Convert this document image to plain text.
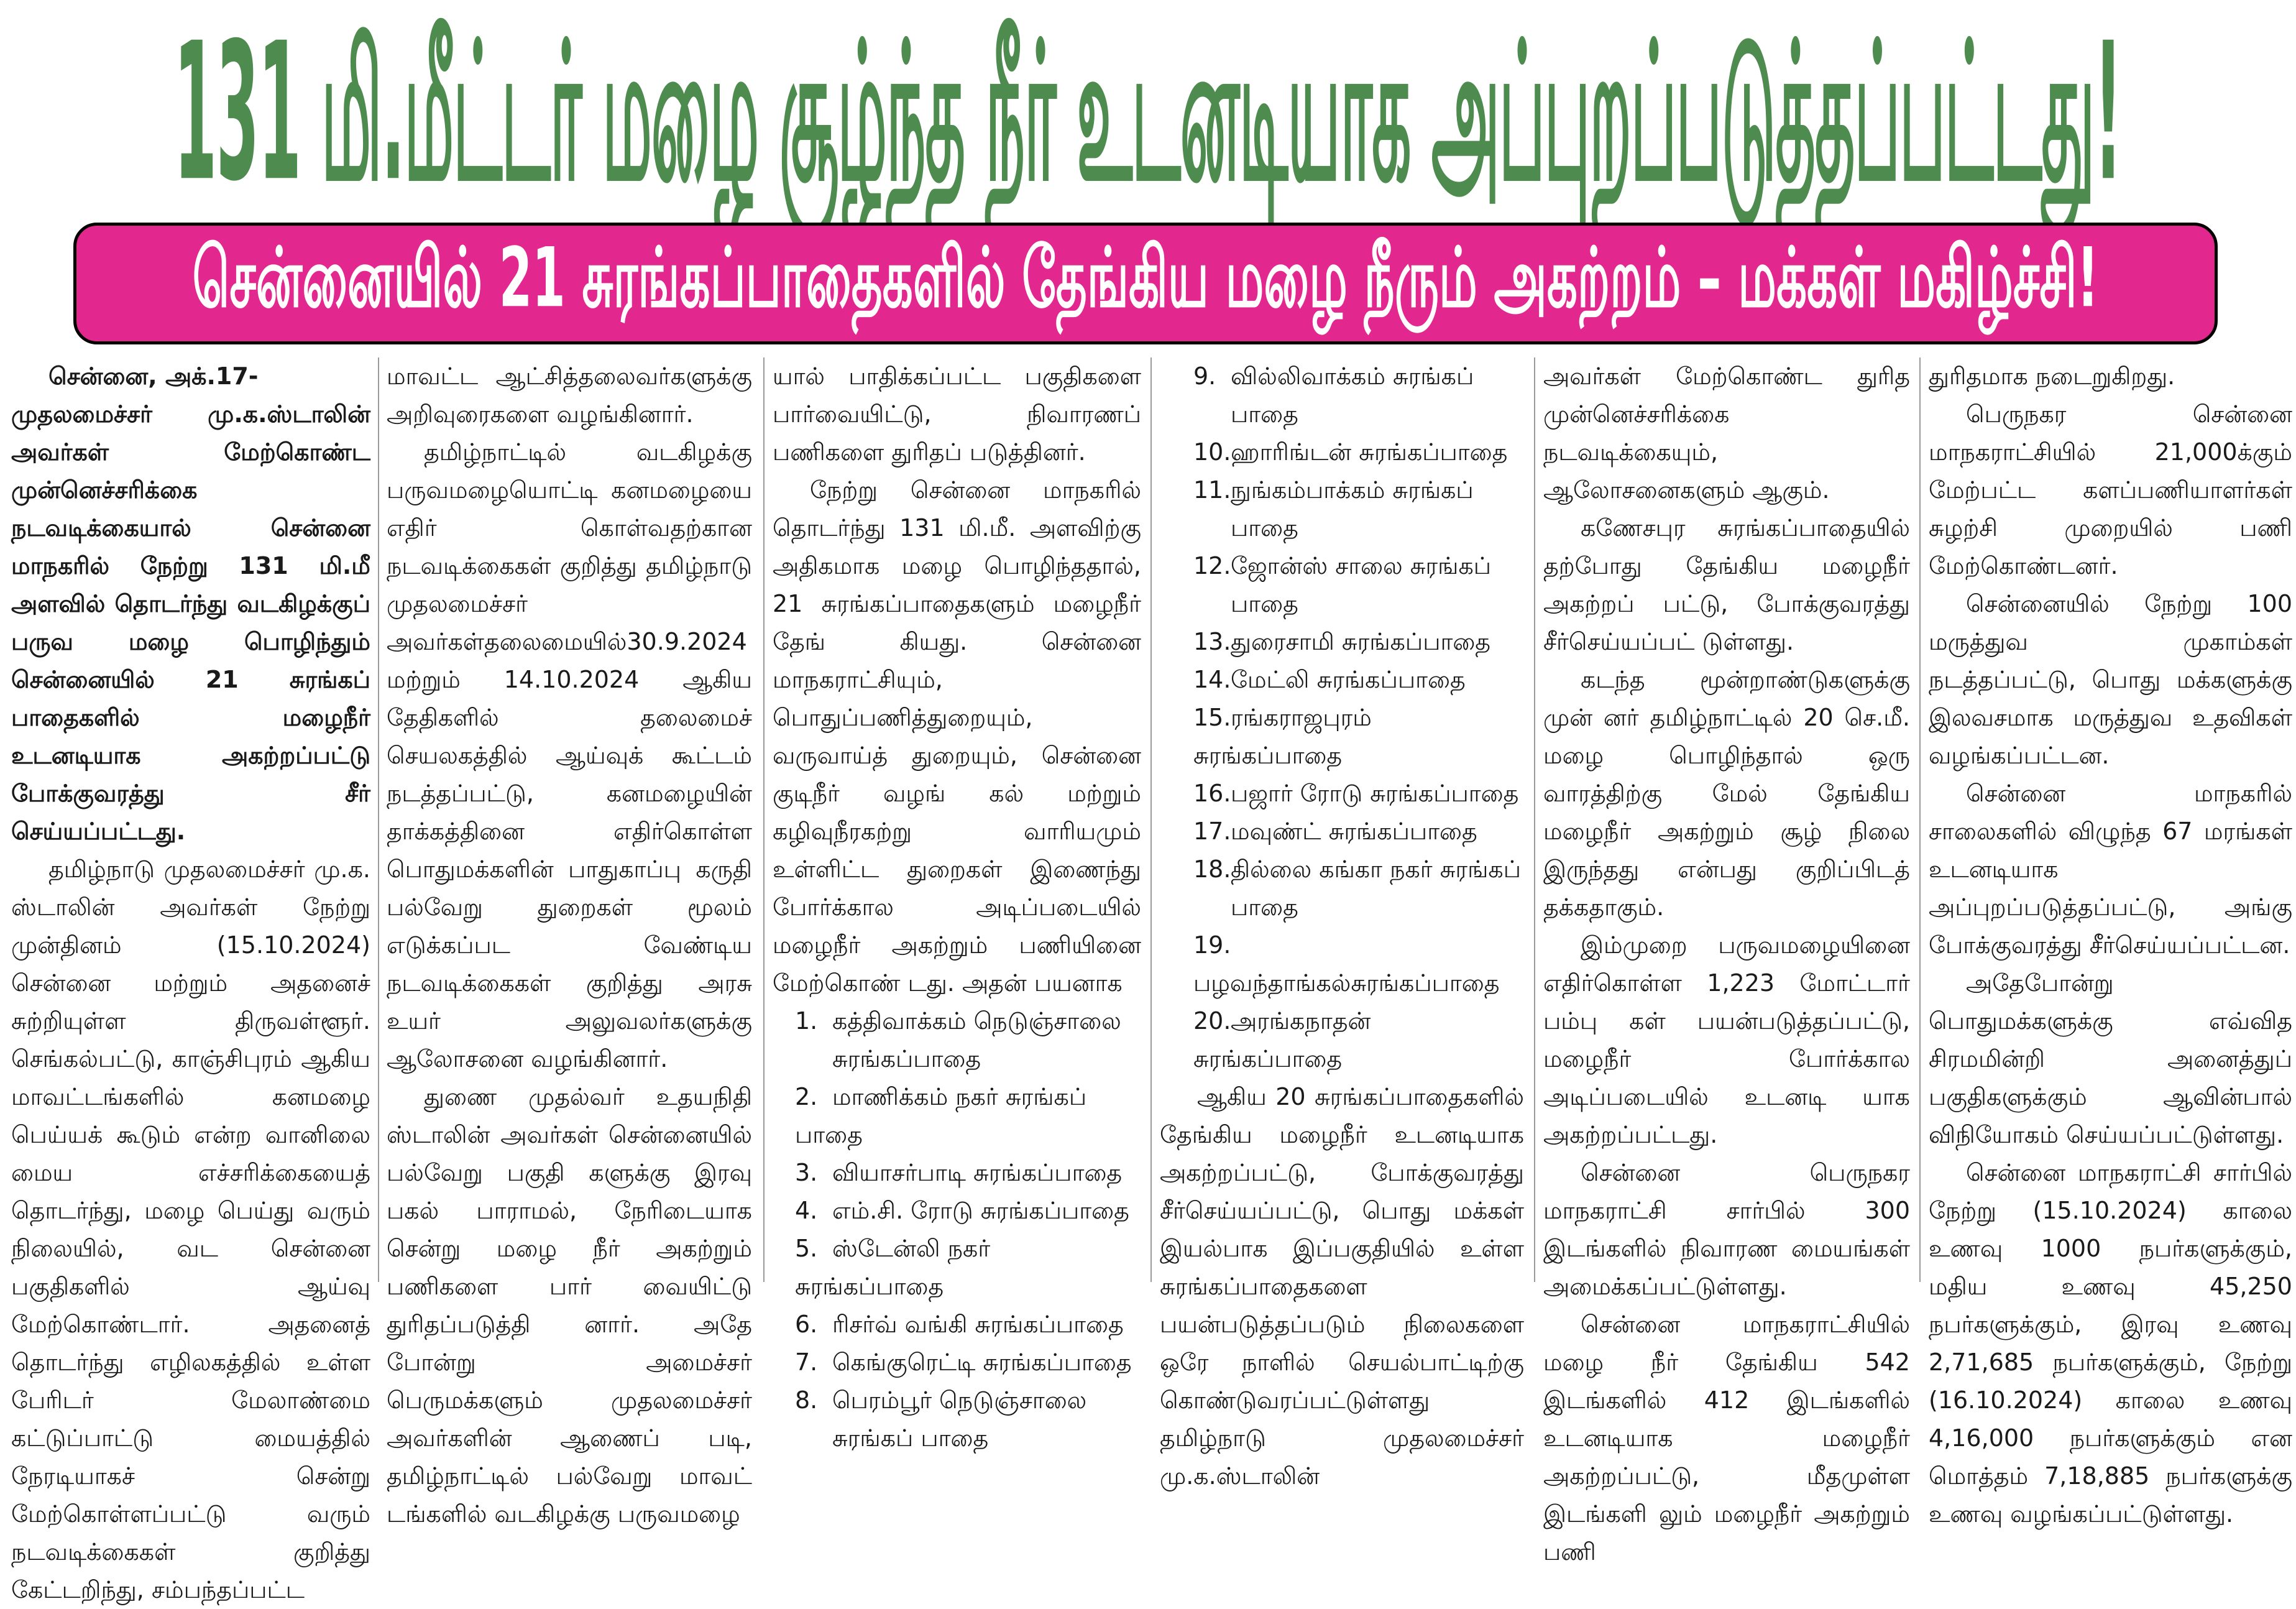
131 மி.மீட்டர் மழை சூழ்ந்த நீர் உடனடியாக அப்புறப்படுத்தப்பட்டது!
சென்னையில் 21 சுரங்கப்பாதைகளில் தேங்கிய மழை நீரும் அகற்றம் – மக்கள் மகிழ்ச்சி!

சென்னை, அக்.17-

முதலமைச்சர் மு.க.ஸ்டாலின் அவர்கள் மேற்கொண்ட முன்னெச்சரிக்கை நடவடிக்கையால் சென்னை மாநகரில் நேற்று 131 மி.மீ அளவில் தொடர்ந்து வடகிழக்குப் பருவ மழை பொழிந்தும் சென்னையில் 21 சுரங்கப் பாதைகளில் மழைநீர் உடனடியாக அகற்றப்பட்டு போக்குவரத்து சீர் செய்யப்பட்டது.

தமிழ்நாடு முதலமைச்சர் மு.க. ஸ்டாலின் அவர்கள் நேற்று முன்தினம் (15.10.2024) சென்னை மற்றும் அதனைச் சுற்றியுள்ள திருவள்ளூர். செங்கல்பட்டு, காஞ்சிபுரம் ஆகிய மாவட்டங்களில் கனமழை பெய்யக் கூடும் என்ற வானிலை மைய எச்சரிக்கையைத் தொடர்ந்து, மழை பெய்து வரும் நிலையில், வட சென்னை பகுதிகளில் ஆய்வு மேற்கொண்டார். அதனைத் தொடர்ந்து எழிலகத்தில் உள்ள பேரிடர் மேலாண்மை கட்டுப்பாட்டு மையத்தில் நேரடியாகச் சென்று மேற்கொள்ளப்பட்டு வரும் நடவடிக்கைகள் குறித்து கேட்டறிந்து, சம்பந்தப்பட்ட

மாவட்ட ஆட்சித்தலைவர்களுக்கு அறிவுரைகளை வழங்கினார்.

தமிழ்நாட்டில் வடகிழக்கு பருவமழையொட்டி கனமழையை எதிர் கொள்வதற்கான நடவடிக்கைகள் குறித்து தமிழ்நாடு முதலமைச்சர் அவர்கள்தலைமையில்30.9.2024 மற்றும் 14.10.2024 ஆகிய தேதிகளில் தலைமைச் செயலகத்தில் ஆய்வுக் கூட்டம் நடத்தப்பட்டு, கனமழையின் தாக்கத்தினை எதிர்கொள்ள பொதுமக்களின் பாதுகாப்பு கருதி பல்வேறு துறைகள் மூலம் எடுக்கப்பட வேண்டிய நடவடிக்கைகள் குறித்து அரசு உயர் அலுவலர்களுக்கு ஆலோசனை வழங்கினார்.

துணை முதல்வர் உதயநிதி ஸ்டாலின் அவர்கள் சென்னையில் பல்வேறு பகுதி களுக்கு இரவு பகல் பாராமல், நேரிடையாக சென்று மழை நீர் அகற்றும் பணிகளை பார் வையிட்டு துரிதப்படுத்தி னார். அதே போன்று அமைச்சர் பெருமக்களும் முதலமைச்சர் அவர்களின் ஆணைப் படி, தமிழ்நாட்டில் பல்வேறு மாவட் டங்களில் வடகிழக்கு பருவமழை

யால் பாதிக்கப்பட்ட பகுதிகளை பார்வையிட்டு, நிவாரணப் பணிகளை துரிதப் படுத்தினர்.

நேற்று சென்னை மாநகரில் தொடர்ந்து 131 மி.மீ. அளவிற்கு அதிகமாக மழை பொழிந்ததால், 21 சுரங்கப்பாதைகளும் மழைநீர் தேங் கியது. சென்னை மாநகராட்சியும், பொதுப்பணித்துறையும், வருவாய்த் துறையும், சென்னை குடிநீர் வழங் கல் மற்றும் கழிவுநீரகற்று வாரியமும் உள்ளிட்ட துறைகள் இணைந்து போர்க்கால அடிப்படையில் மழைநீர் அகற்றும் பணியினை மேற்கொண் டது. அதன் பயனாக

1. கத்திவாக்கம் நெடுஞ்சாலை
சுரங்கப்பாதை
2. மாணிக்கம் நகர் சுரங்கப் பாதை
3. வியாசர்பாடி சுரங்கப்பாதை
4. எம்.சி. ரோடு சுரங்கப்பாதை
5. ஸ்டேன்லி நகர் சுரங்கப்பாதை
6. ரிசர்வ் வங்கி சுரங்கப்பாதை
7. கெங்குரெட்டி சுரங்கப்பாதை
8. பெரம்பூர் நெடுஞ்சாலை
சுரங்கப் பாதை
9. வில்லிவாக்கம் சுரங்கப்
பாதை
10.ஹாரிங்டன் சுரங்கப்பாதை
11.நுங்கம்பாக்கம் சுரங்கப்
பாதை
12.ஜோன்ஸ் சாலை சுரங்கப்
பாதை
13.துரைசாமி சுரங்கப்பாதை
14.மேட்லி சுரங்கப்பாதை
15.ரங்கராஜபுரம் சுரங்கப்பாதை
16.பஜார் ரோடு சுரங்கப்பாதை
17.மவுண்ட் சுரங்கப்பாதை
18.தில்லை கங்கா நகர் சுரங்கப்
பாதை
19.பழவந்தாங்கல்சுரங்கப்பாதை
20.அரங்கநாதன் சுரங்கப்பாதை

ஆகிய 20 சுரங்கப்பாதைகளில் தேங்கிய மழைநீர் உடனடியாக அகற்றப்பட்டு, போக்குவரத்து சீர்செய்யப்பட்டு, பொது மக்கள் இயல்பாக இப்பகுதியில் உள்ள சுரங்கப்பாதைகளை பயன்படுத்தப்படும் நிலைகளை ஒரே நாளில் செயல்பாட்டிற்கு கொண்டுவரப்பட்டுள்ளது தமிழ்நாடு முதலமைச்சர் மு.க.ஸ்டாலின்

அவர்கள் மேற்கொண்ட துரித முன்னெச்சரிக்கை நடவடிக்கையும், ஆலோசனைகளும் ஆகும்.

கணேசபுர சுரங்கப்பாதையில் தற்போது தேங்கிய மழைநீர் அகற்றப் பட்டு, போக்குவரத்து சீர்செய்யப்பட் டுள்ளது.

கடந்த மூன்றாண்டுகளுக்கு முன் னர் தமிழ்நாட்டில் 20 செ.மீ. மழை பொழிந்தால் ஒரு வாரத்திற்கு மேல் தேங்கிய மழைநீர் அகற்றும் சூழ் நிலை இருந்தது என்பது குறிப்பிடத் தக்கதாகும்.

இம்முறை பருவமழையினை எதிர்கொள்ள 1,223 மோட்டார் பம்பு கள் பயன்படுத்தப்பட்டு, மழைநீர் போர்க்கால அடிப்படையில் உடனடி யாக அகற்றப்பட்டது.

சென்னை பெருநகர மாநகராட்சி சார்பில் 300 இடங்களில் நிவாரண மையங்கள் அமைக்கப்பட்டுள்ளது.

சென்னை மாநகராட்சியில் மழை நீர் தேங்கிய 542 இடங்களில் 412 இடங்களில் உடனடியாக மழைநீர் அகற்றப்பட்டு, மீதமுள்ள இடங்களி லும் மழைநீர் அகற்றும் பணி

துரிதமாக நடைறுகிறது.

பெருநகர சென்னை மாநகராட்சியில் 21,000க்கும் மேற்பட்ட களப்பணியாளர்கள் சுழற்சி முறையில் பணி மேற்கொண்டனர்.

சென்னையில் நேற்று 100 மருத்துவ முகாம்கள் நடத்தப்பட்டு, பொது மக்களுக்கு இலவசமாக மருத்துவ உதவிகள் வழங்கப்பட்டன.

சென்னை மாநகரில் சாலைகளில் விழுந்த 67 மரங்கள் உடனடியாக அப்புறப்படுத்தப்பட்டு, அங்கு போக்குவரத்து சீர்செய்யப்பட்டன.

அதேபோன்று பொதுமக்களுக்கு எவ்வித சிரமமின்றி அனைத்துப் பகுதிகளுக்கும் ஆவின்பால் விநியோகம் செய்யப்பட்டுள்ளது.

சென்னை மாநகராட்சி சார்பில் நேற்று (15.10.2024) காலை உணவு 1000 நபர்களுக்கும், மதிய உணவு 45,250 நபர்களுக்கும், இரவு உணவு 2,71,685 நபர்களுக்கும், நேற்று (16.10.2024) காலை உணவு 4,16,000 நபர்களுக்கும் என மொத்தம் 7,18,885 நபர்களுக்கு உணவு வழங்கப்பட்டுள்ளது.
